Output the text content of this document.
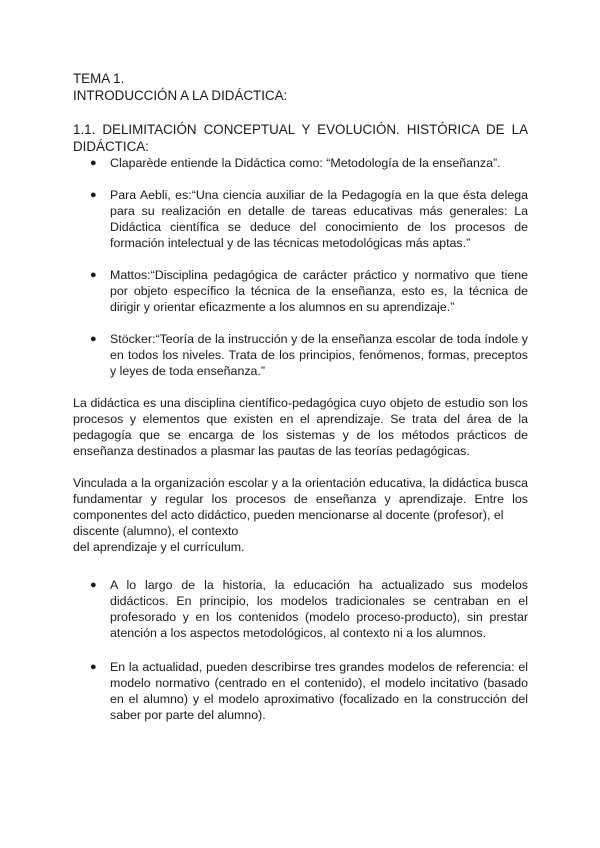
TEMA 1.
INTRODUCCIÓN A LA DIDÁCTICA:
1.1. DELIMITACIÓN CONCEPTUAL Y EVOLUCIÓN. HISTÓRICA DE LA DIDÁCTICA:
● Claparède entiende la Didáctica como: “Metodología de la enseñanza”.
● Para Aebli, es:“Una ciencia auxiliar de la Pedagogía en la que ésta delega para su realización en detalle de tareas educativas más generales: La Didáctica científica se deduce del conocimiento de los procesos de formación intelectual y de las técnicas metodológicas más aptas.”
● Mattos:“Disciplina pedagógica de carácter práctico y normativo que tiene por objeto específico la técnica de la enseñanza, esto es, la técnica de dirigir y orientar eficazmente a los alumnos en su aprendizaje.”
● Stöcker:“Teoría de la instrucción y de la enseñanza escolar de toda índole y en todos los niveles. Trata de los principios, fenómenos, formas, preceptos y leyes de toda enseñanza.”

La didáctica es una disciplina científico-pedagógica cuyo objeto de estudio son los procesos y elementos que existen en el aprendizaje. Se trata del área de la pedagogía que se encarga de los sistemas y de los métodos prácticos de enseñanza destinados a plasmar las pautas de las teorías pedagógicas.

Vinculada a la organización escolar y a la orientación educativa, la didáctica busca fundamentar y regular los procesos de enseñanza y aprendizaje. Entre los componentes del acto didáctico, pueden mencionarse al docente (profesor), el
discente (alumno), el contexto
del aprendizaje y el currículum.

● A lo largo de la historia, la educación ha actualizado sus modelos didácticos. En principio, los modelos tradicionales se centraban en el profesorado y en los contenidos (modelo proceso-producto), sin prestar atención a los aspectos metodológicos, al contexto ni a los alumnos.
● En la actualidad, pueden describirse tres grandes modelos de referencia: el modelo normativo (centrado en el contenido), el modelo incitativo (basado en el alumno) y el modelo aproximativo (focalizado en la construcción del saber por parte del alumno).
